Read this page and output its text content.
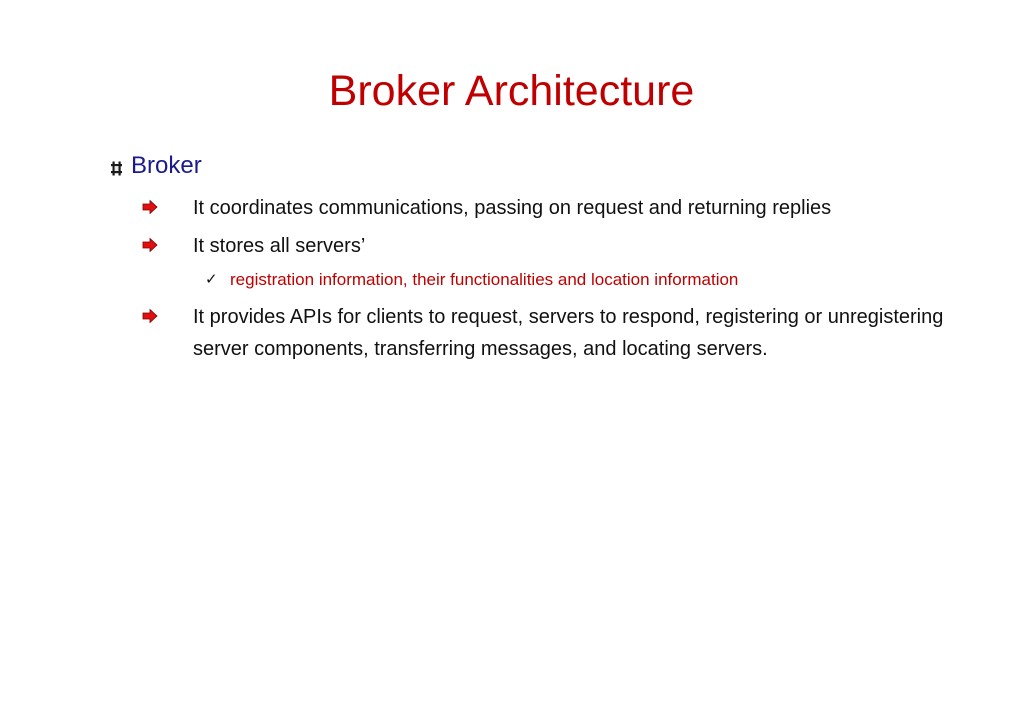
Broker Architecture
Broker
It coordinates communications, passing on request and returning replies
It stores all servers’
✓ registration information, their functionalities and location information
It provides APIs for clients to request, servers to respond, registering or unregistering server components, transferring messages, and locating servers.
